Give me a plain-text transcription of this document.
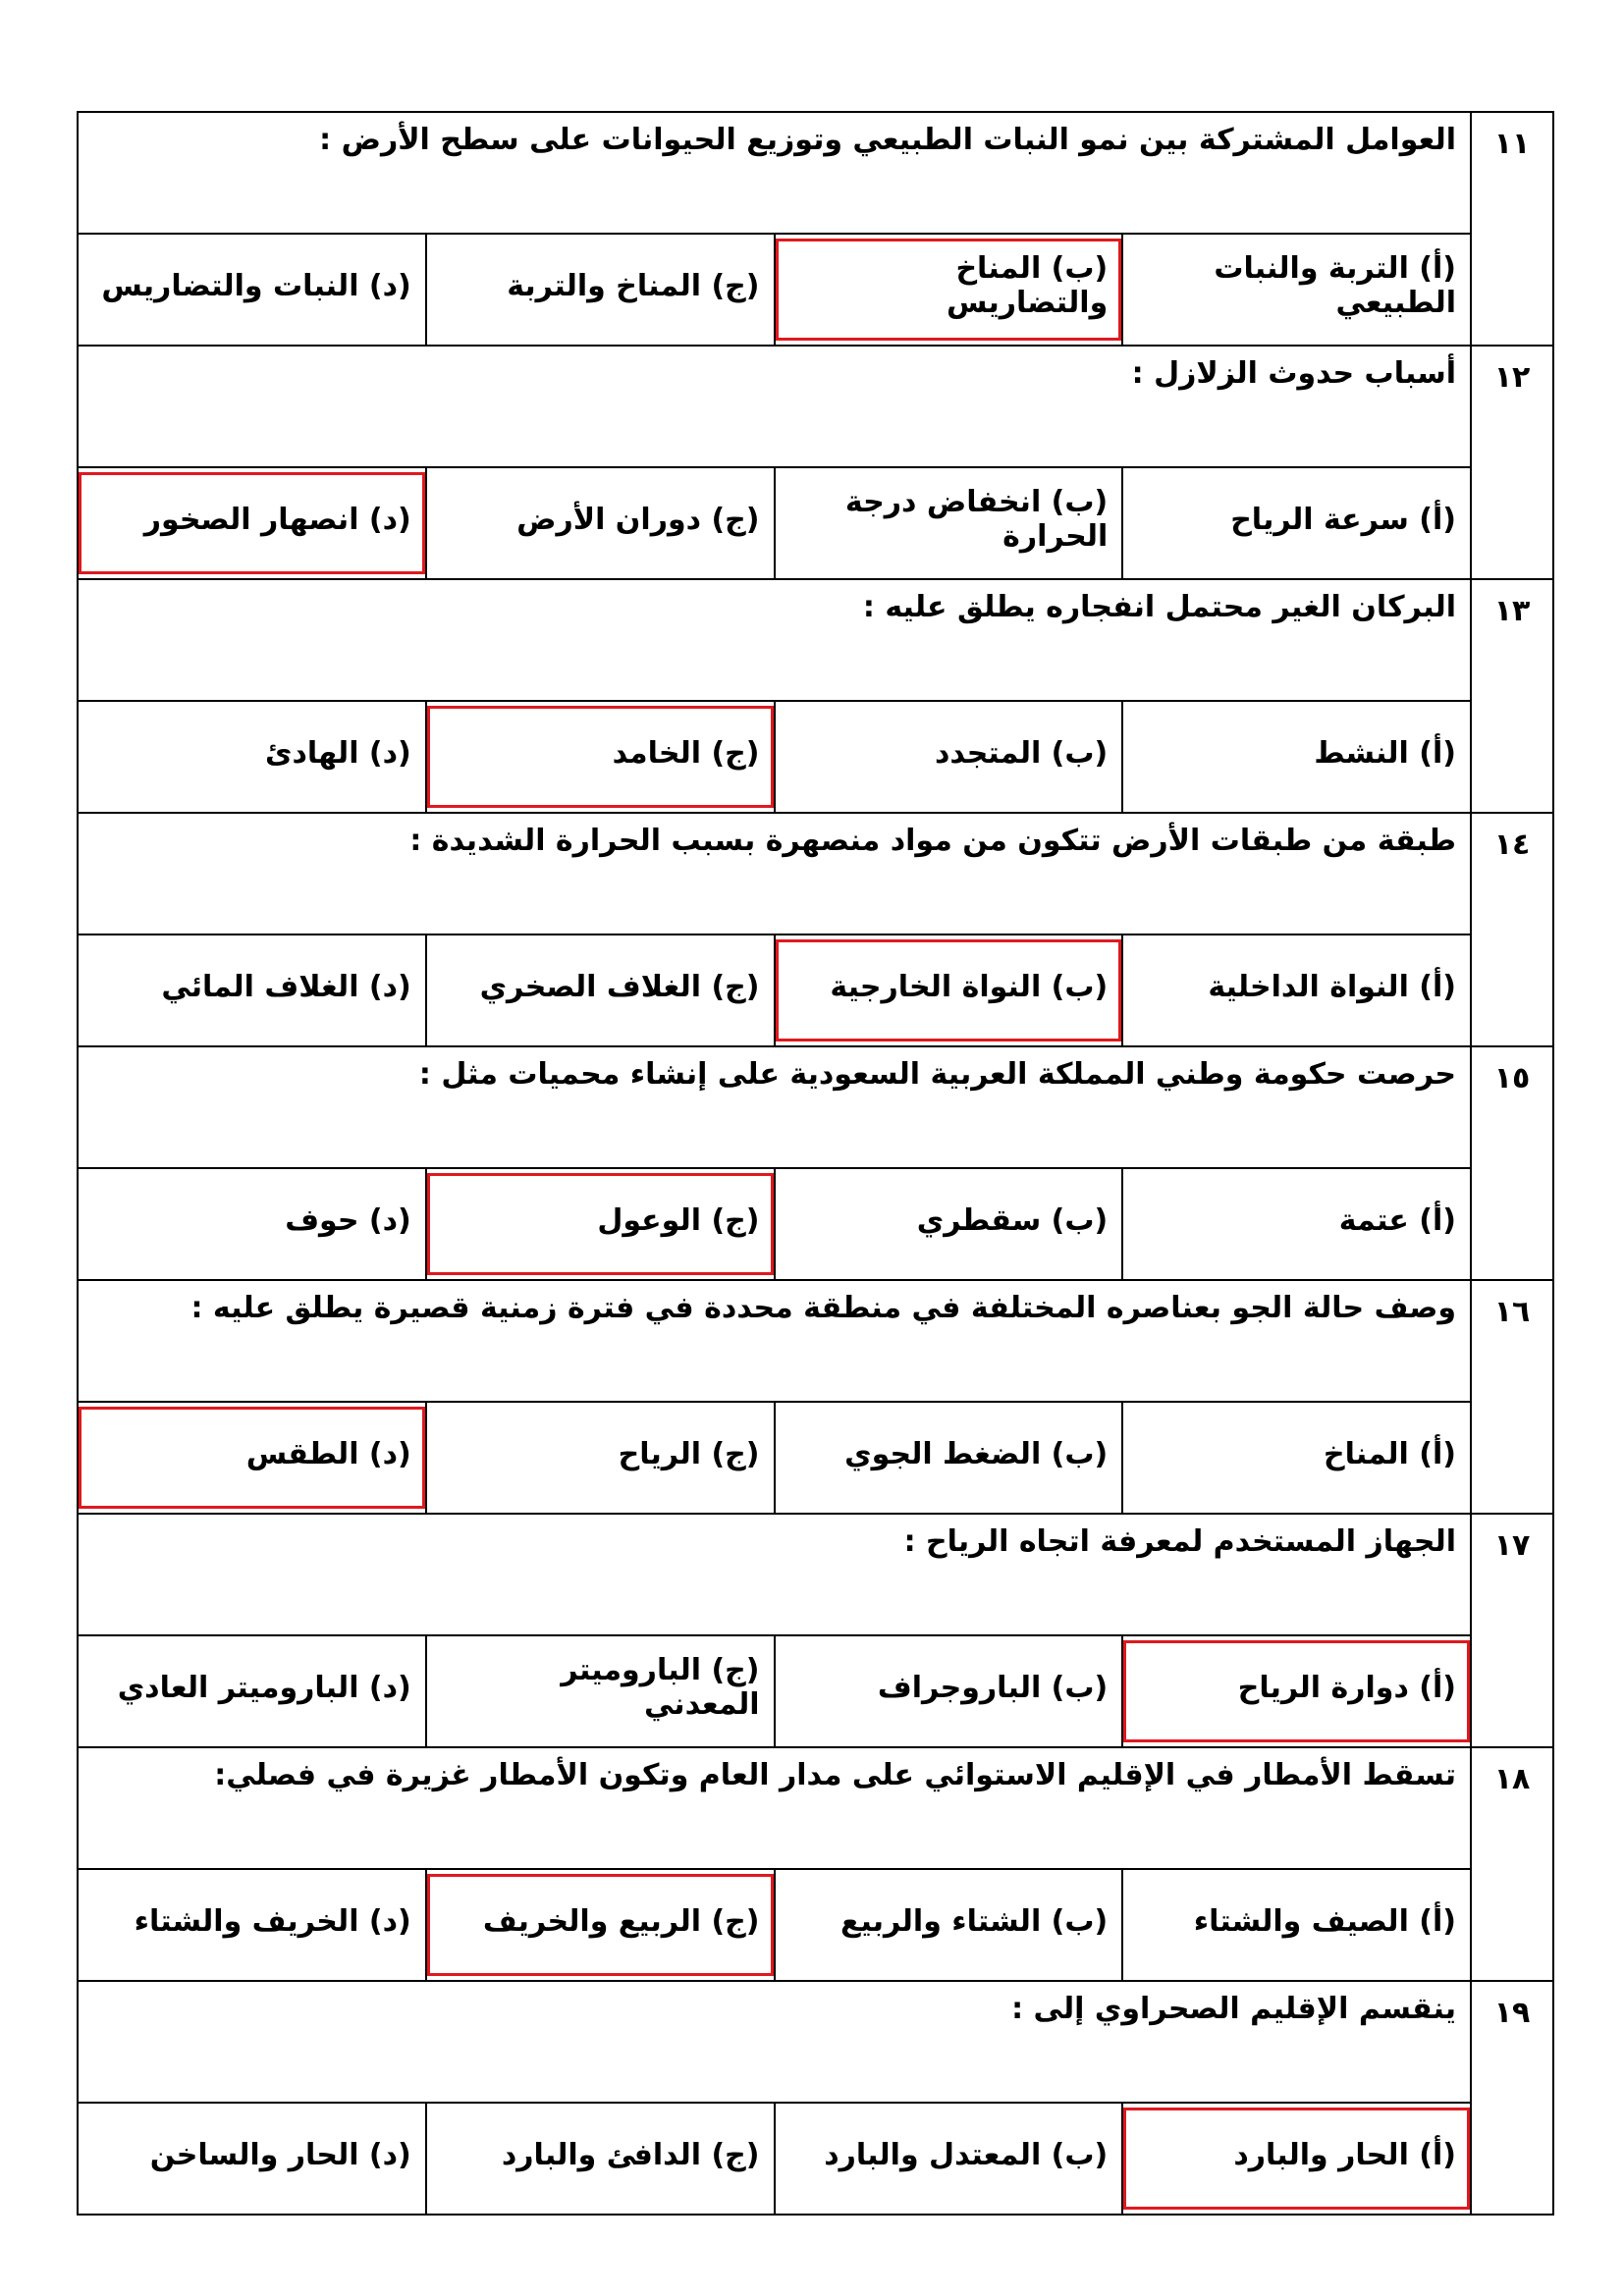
١١	العوامل المشتركة بين نمو النبات الطبيعي وتوزيع الحيوانات على سطح الأرض :			

	(أ) التربة والنبات الطبيعي	(ب) المناخ والتضاريس	(ج) المناخ والتربة	(د) النبات والتضاريس

١٢	أسباب حدوث الزلازل :			

	(أ) سرعة الرياح	(ب) انخفاض درجة الحرارة	(ج) دوران الأرض	(د) انصهار الصخور

١٣	البركان الغير محتمل انفجاره يطلق عليه :			

	(أ) النشط	(ب) المتجدد	(ج) الخامد	(د) الهادئ

١٤	طبقة من طبقات الأرض تتكون من مواد منصهرة بسبب الحرارة الشديدة :			

	(أ) النواة الداخلية	(ب) النواة الخارجية	(ج) الغلاف الصخري	(د) الغلاف المائي

١٥	حرصت حكومة وطني المملكة العربية السعودية على إنشاء محميات مثل :			

	(أ) عتمة	(ب) سقطري	(ج) الوعول	(د) حوف

١٦	وصف حالة الجو بعناصره المختلفة في منطقة محددة في فترة زمنية قصيرة يطلق عليه :			

	(أ) المناخ	(ب) الضغط الجوي	(ج) الرياح	(د) الطقس

١٧	الجهاز المستخدم لمعرفة اتجاه الرياح :			

	(أ) دوارة الرياح	(ب) الباروجراف	(ج) الباروميتر المعدني	(د) الباروميتر العادي

١٨	تسقط الأمطار في الإقليم الاستوائي على مدار العام وتكون الأمطار غزيرة في فصلي:			

	(أ) الصيف والشتاء	(ب) الشتاء والربيع	(ج) الربيع والخريف	(د) الخريف والشتاء

١٩	ينقسم الإقليم الصحراوي إلى :			

	(أ) الحار والبارد	(ب) المعتدل والبارد	(ج) الدافئ والبارد	(د) الحار والساخن
